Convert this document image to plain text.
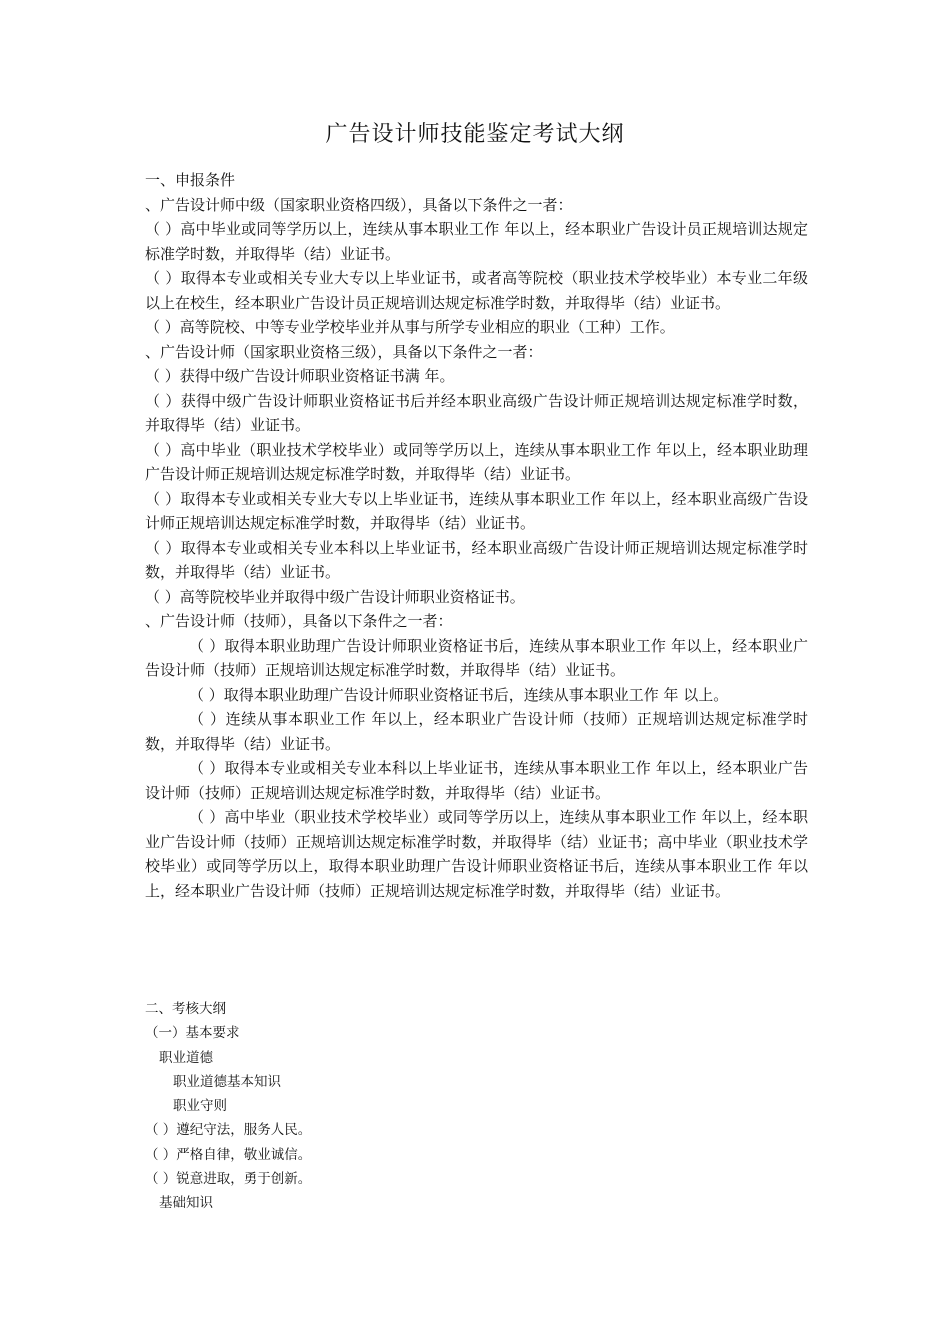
广告设计师技能鉴定考试大纲

一、申报条件

、广告设计师中级（国家职业资格四级），具备以下条件之一者：

（ ）高中毕业或同等学历以上，连续从事本职业工作 年以上，经本职业广告设计员正规培训达规定标准学时数，并取得毕（结）业证书。

（ ）取得本专业或相关专业大专以上毕业证书，或者高等院校（职业技术学校毕业）本专业二年级以上在校生，经本职业广告设计员正规培训达规定标准学时数，并取得毕（结）业证书。

（ ）高等院校、中等专业学校毕业并从事与所学专业相应的职业（工种）工作。

、广告设计师（国家职业资格三级），具备以下条件之一者：

（ ）获得中级广告设计师职业资格证书满 年。

（ ）获得中级广告设计师职业资格证书后并经本职业高级广告设计师正规培训达规定标准学时数，并取得毕（结）业证书。

（ ）高中毕业（职业技术学校毕业）或同等学历以上，连续从事本职业工作 年以上，经本职业助理广告设计师正规培训达规定标准学时数，并取得毕（结）业证书。

（ ）取得本专业或相关专业大专以上毕业证书，连续从事本职业工作 年以上，经本职业高级广告设计师正规培训达规定标准学时数，并取得毕（结）业证书。

（ ）取得本专业或相关专业本科以上毕业证书，经本职业高级广告设计师正规培训达规定标准学时数，并取得毕（结）业证书。

（ ）高等院校毕业并取得中级广告设计师职业资格证书。

、广告设计师（技师），具备以下条件之一者：

（ ）取得本职业助理广告设计师职业资格证书后，连续从事本职业工作 年以上，经本职业广告设计师（技师）正规培训达规定标准学时数，并取得毕（结）业证书。

（ ）取得本职业助理广告设计师职业资格证书后，连续从事本职业工作 年 以上。

（ ）连续从事本职业工作 年以上，经本职业广告设计师（技师）正规培训达规定标准学时数，并取得毕（结）业证书。

（ ）取得本专业或相关专业本科以上毕业证书，连续从事本职业工作 年以上，经本职业广告设计师（技师）正规培训达规定标准学时数，并取得毕（结）业证书。

（ ）高中毕业（职业技术学校毕业）或同等学历以上，连续从事本职业工作 年以上，经本职业广告设计师（技师）正规培训达规定标准学时数，并取得毕（结）业证书；高中毕业（职业技术学校毕业）或同等学历以上，取得本职业助理广告设计师职业资格证书后，连续从事本职业工作 年以上，经本职业广告设计师（技师）正规培训达规定标准学时数，并取得毕（结）业证书。

二、考核大纲

（一）基本要求

职业道德

职业道德基本知识

职业守则

（ ）遵纪守法，服务人民。

（ ）严格自律，敬业诚信。

（ ）锐意进取，勇于创新。

基础知识
